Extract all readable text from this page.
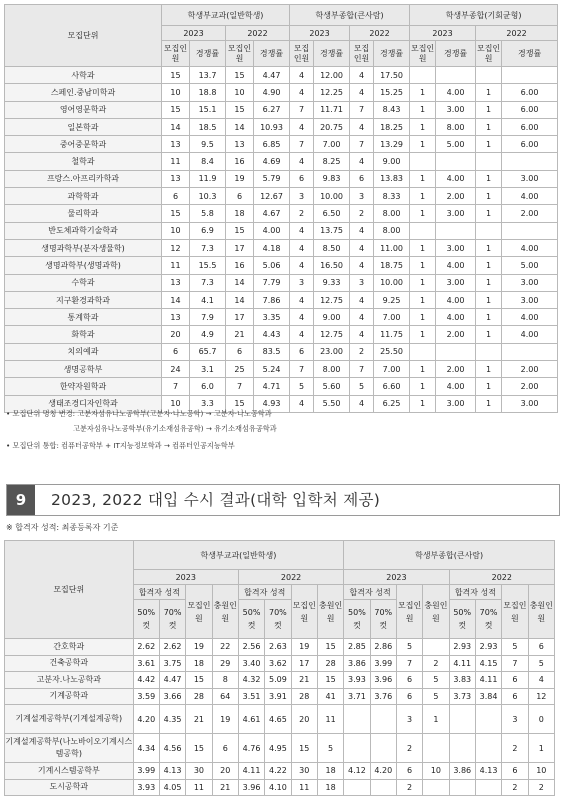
모집단위	학생부교과(일반학생)				학생부종합(큰사람)				학생부종합(기회균형)			
	2023		2022		2023		2022		2023		2022	
	모집인원	경쟁률	모집인원	경쟁률	모집인원	경쟁률	모집인원	경쟁률	모집인원	경쟁률	모집인원	경쟁률
사학과	15	13.7	15	4.47	4	12.00	4	17.50				
스페인.중남미학과	10	18.8	10	4.90	4	12.25	4	15.25	1	4.00	1	6.00
영어영문학과	15	15.1	15	6.27	7	11.71	7	8.43	1	3.00	1	6.00
일본학과	14	18.5	14	10.93	4	20.75	4	18.25	1	8.00	1	6.00
중어중문학과	13	9.5	13	6.85	7	7.00	7	13.29	1	5.00	1	6.00
철학과	11	8.4	16	4.69	4	8.25	4	9.00				
프랑스.아프리카학과	13	11.9	19	5.79	6	9.83	6	13.83	1	4.00	1	3.00
과학학과	6	10.3	6	12.67	3	10.00	3	8.33	1	2.00	1	4.00
물리학과	15	5.8	18	4.67	2	6.50	2	8.00	1	3.00	1	2.00
반도체과학기술학과	10	6.9	15	4.00	4	13.75	4	8.00				
생명과학부(분자생물학)	12	7.3	17	4.18	4	8.50	4	11.00	1	3.00	1	4.00
생명과학부(생명과학)	11	15.5	16	5.06	4	16.50	4	18.75	1	4.00	1	5.00
수학과	13	7.3	14	7.79	3	9.33	3	10.00	1	3.00	1	3.00
지구환경과학과	14	4.1	14	7.86	4	12.75	4	9.25	1	4.00	1	3.00
통계학과	13	7.9	17	3.35	4	9.00	4	7.00	1	4.00	1	4.00
화학과	20	4.9	21	4.43	4	12.75	4	11.75	1	2.00	1	4.00
치의예과	6	65.7	6	83.5	6	23.00	2	25.50				
생명공학부	24	3.1	25	5.24	7	8.00	7	7.00	1	2.00	1	2.00
한약자원학과	7	6.0	7	4.71	5	5.60	5	6.60	1	4.00	1	2.00
생태조경디자인학과	10	3.3	15	4.93	4	5.50	4	6.25	1	3.00	1	3.00
• 모집단위 명칭 변경: 고분자섬유나노공학부(고분자·나노공학) → 고분자·나노공학과
고분자섬유나노공학부(유기소재섬유공학) → 유기소재섬유공학과
• 모집단위 통합: 컴퓨터공학부 + IT지능정보학과 → 컴퓨터인공지능학부
9	2023, 2022 대입 수시 결과(대학 입학처 제공)
※ 합격자 성적: 최종등록자 기준
모집단위	학생부교과(일반학생)								학생부종합(큰사람)							
	2023				2022				2023				2022			
	합격자 성적		모집인원	충원인원	합격자 성적		모집인원	충원인원	합격자 성적		모집인원	충원인원	합격자 성적		모집인원	충원인원
	50%컷	70%컷			50%컷	70%컷			50%컷	70%컷			50%컷	70%컷		
간호학과	2.62	2.62	19	22	2.56	2.63	19	15	2.85	2.86	5		2.93	2.93	5	6
건축공학과	3.61	3.75	18	29	3.40	3.62	17	28	3.86	3.99	7	2	4.11	4.15	7	5
고분자.나노공학과	4.42	4.47	15	8	4.32	5.09	21	15	3.93	3.96	6	5	3.83	4.11	6	4
기계공학과	3.59	3.66	28	64	3.51	3.91	28	41	3.71	3.76	6	5	3.73	3.84	6	12
기계설계공학부(기계설계공학)	4.20	4.35	21	19	4.61	4.65	20	11			3	1			3	0
기계설계공학부(나노바이오기계시스템공학)	4.34	4.56	15	6	4.76	4.95	15	5			2				2	1
기계시스템공학부	3.99	4.13	30	20	4.11	4.22	30	18	4.12	4.20	6	10	3.86	4.13	6	10
도시공학과	3.93	4.05	11	21	3.96	4.10	11	18			2				2	2
